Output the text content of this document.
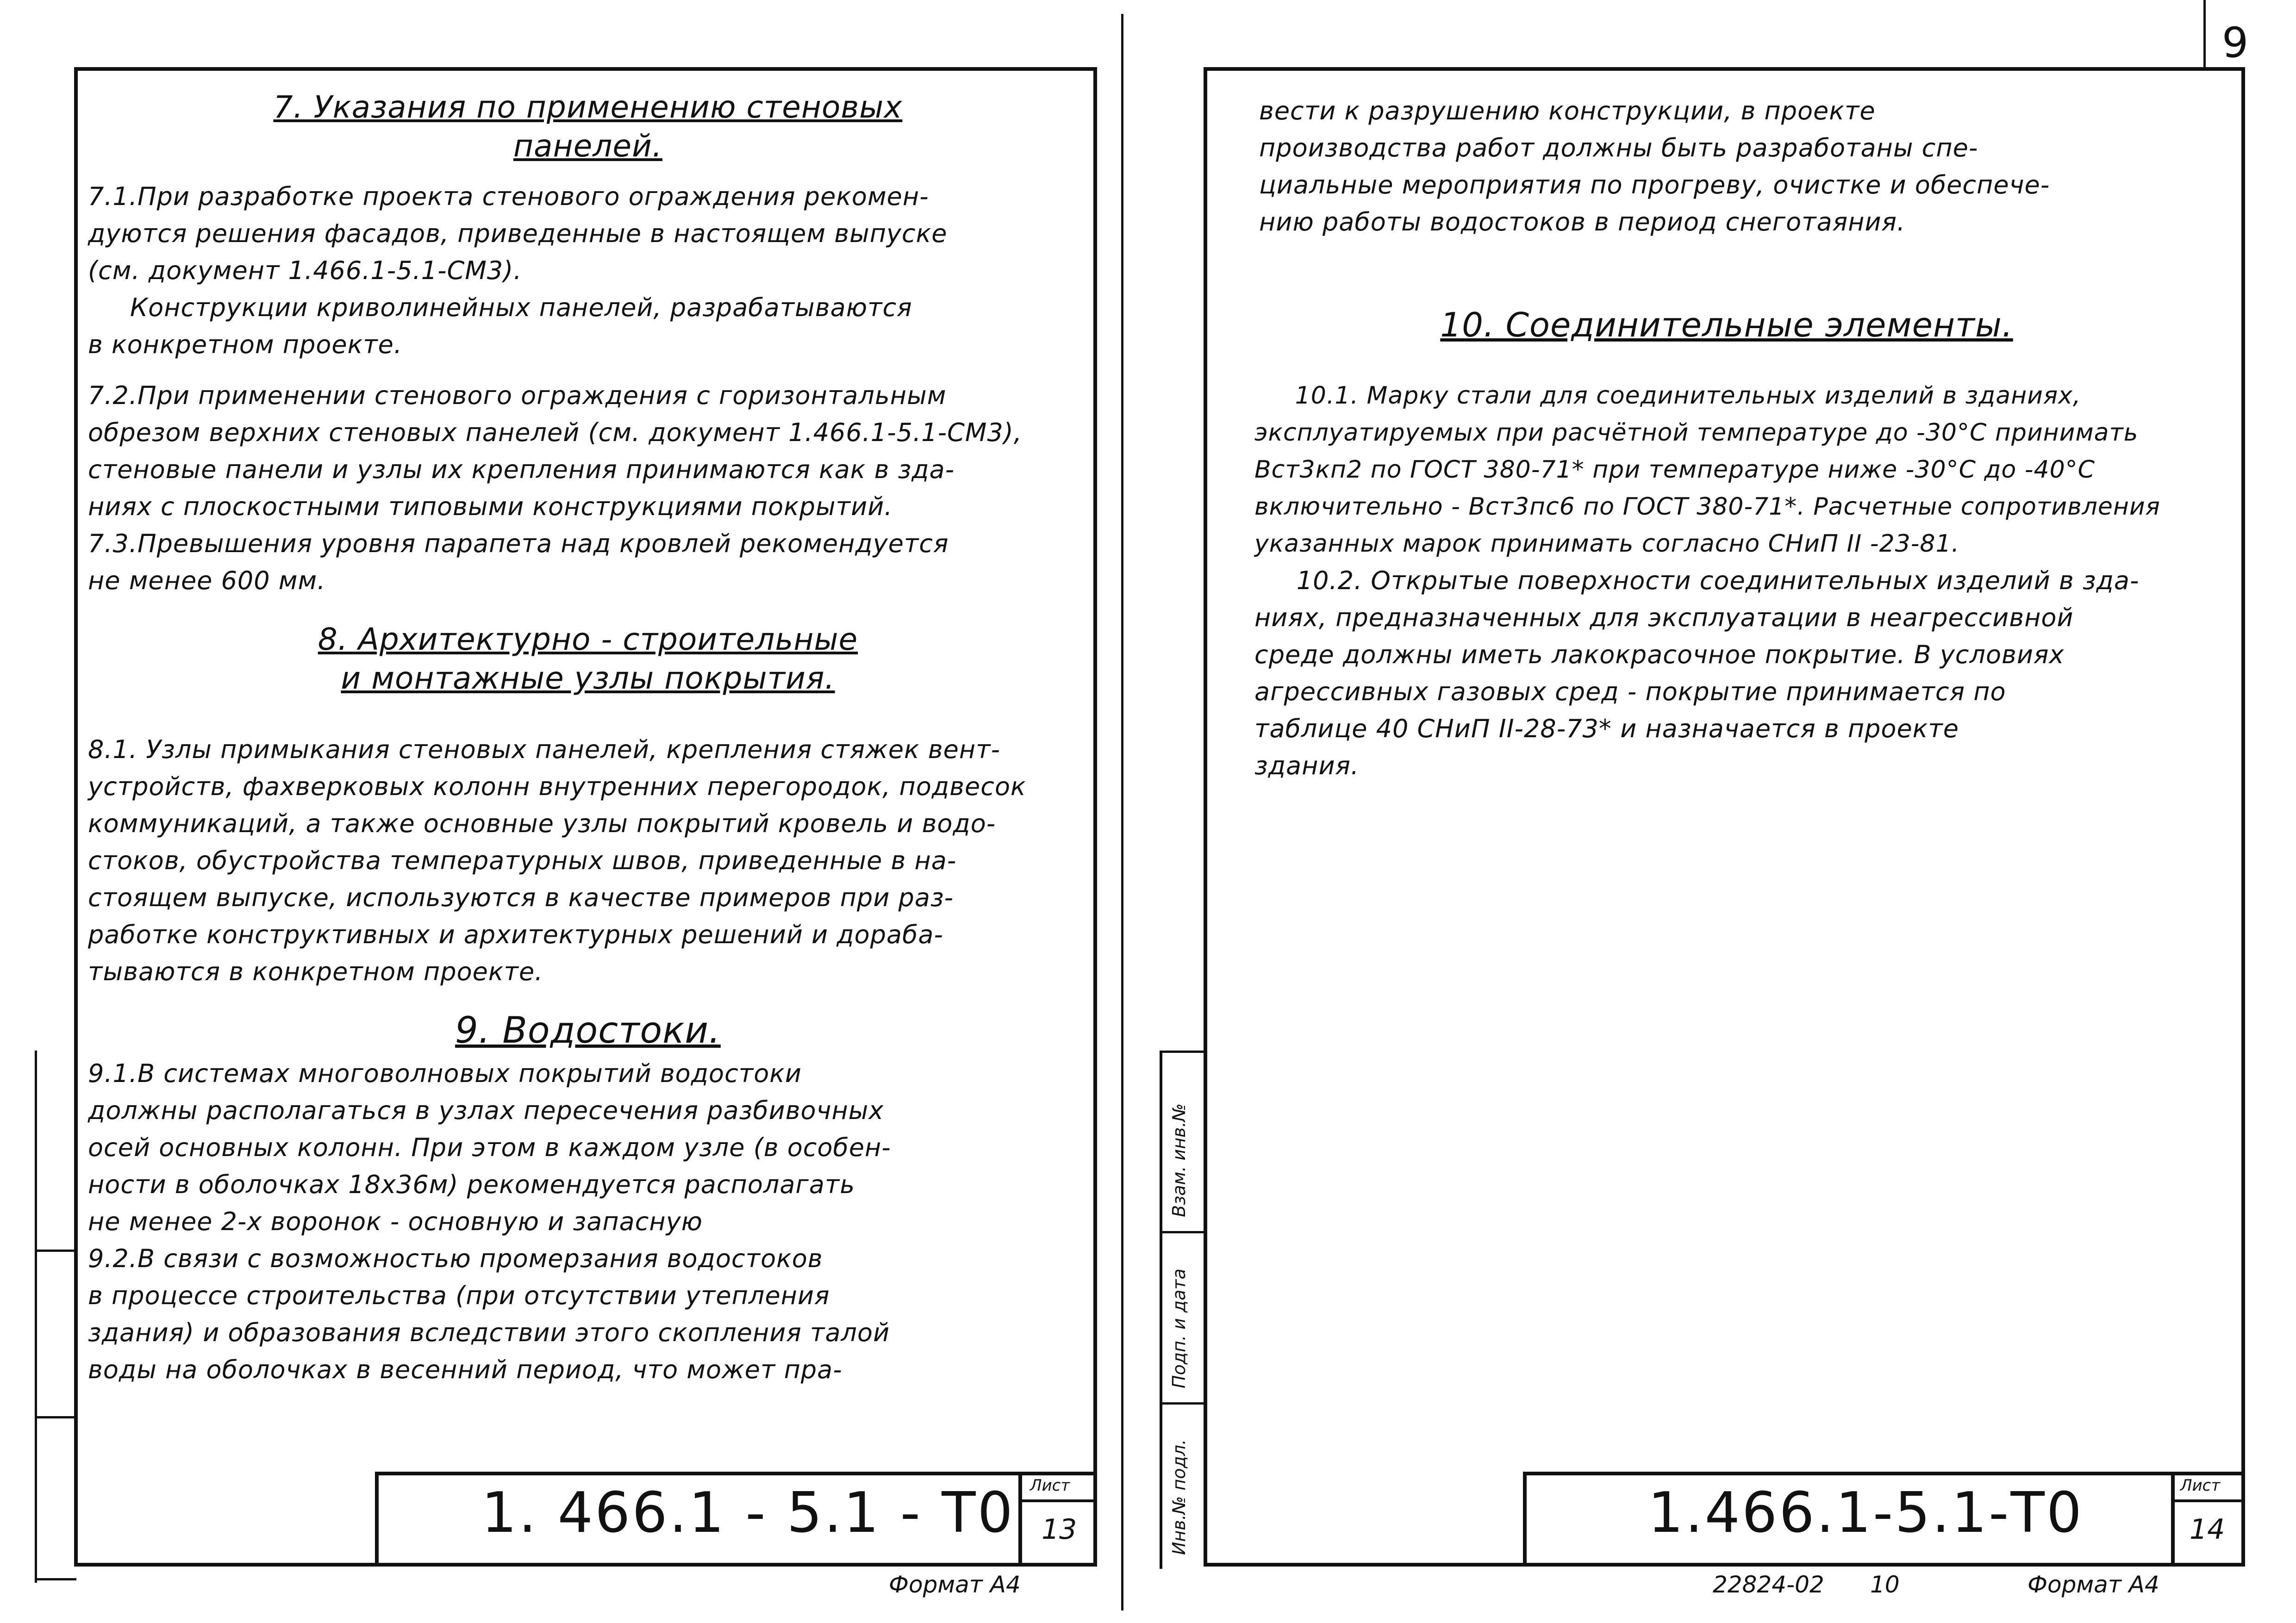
9
7. Указания по применению стеновых
панелей.
7.1.При разработке проекта стенового ограждения рекомен-
дуются решения фасадов, приведенные в настоящем выпуске
(см. документ 1.466.1-5.1-СМ3).
Конструкции криволинейных панелей, разрабатываются
в конкретном проекте.
7.2.При применении стенового ограждения с горизонтальным
обрезом верхних стеновых панелей (см. документ 1.466.1-5.1-СМ3),
стеновые панели и узлы их крепления принимаются как в зда-
ниях с плоскостными типовыми конструкциями покрытий.
7.3.Превышения уровня парапета над кровлей рекомендуется
не менее 600 мм.
8. Архитектурно - строительные
и монтажные узлы покрытия.
8.1. Узлы примыкания стеновых панелей, крепления стяжек вент-
устройств, фахверковых колонн внутренних перегородок, подвесок
коммуникаций, а также основные узлы покрытий кровель и водо-
стоков, обустройства температурных швов, приведенные в на-
стоящем выпуске, используются в качестве примеров при раз-
работке конструктивных и архитектурных решений и дораба-
тываются в конкретном проекте.
9. Водостоки.
9.1.В системах многоволновых покрытий водостоки
должны располагаться в узлах пересечения разбивочных
осей основных колонн. При этом в каждом узле (в особен-
ности в оболочках 18х36м) рекомендуется располагать
не менее 2-х воронок - основную и запасную
9.2.В связи с возможностью промерзания водостоков
в процессе строительства (при отсутствии утепления
здания) и образования вследствии этого скопления талой
воды на оболочках в весенний период, что может пра-
1. 466.1 - 5.1 - Т0 Лист
13
Формат А4
вести к разрушению конструкции, в проекте
производства работ должны быть разработаны спе-
циальные мероприятия по прогреву, очистке и обеспече-
нию работы водостоков в период снеготаяния.
10. Соединительные элементы.
10.1. Марку стали для соединительных изделий в зданиях,
эксплуатируемых при расчётной температуре до -30°С принимать
Вст3кп2 по ГОСТ 380-71* при температуре ниже -30°С до -40°С
включительно - Вст3пс6 по ГОСТ 380-71*. Расчетные сопротивления
указанных марок принимать согласно СНиП II -23-81.
10.2. Открытые поверхности соединительных изделий в зда-
ниях, предназначенных для эксплуатации в неагрессивной
среде должны иметь лакокрасочное покрытие. В условиях
агрессивных газовых сред - покрытие принимается по
таблице 40 СНиП II-28-73* и назначается в проекте
здания.
Инв.№ подл.
Подп. и дата
Взам. инв.№
1.466.1-5.1-Т0	Лист
14
22824-02 10	Формат А4
